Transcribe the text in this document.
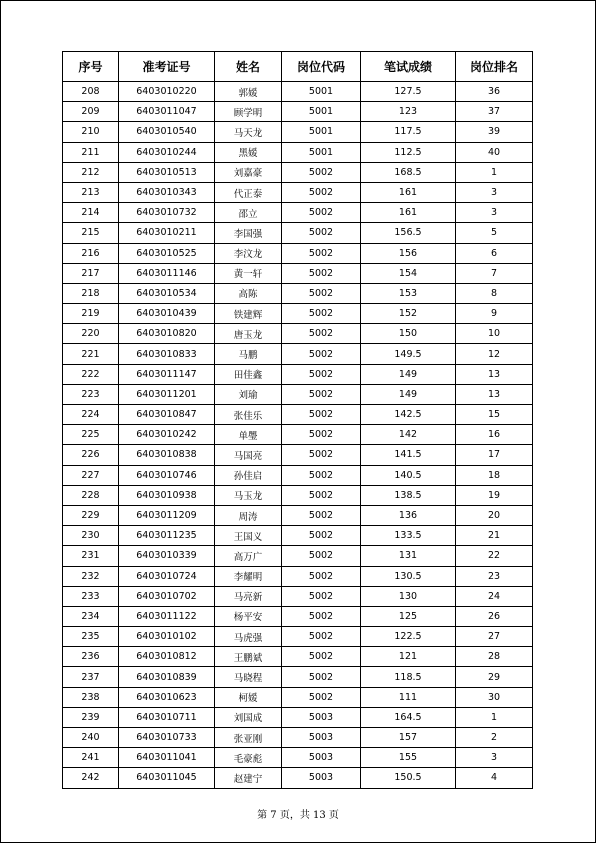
序号	准考证号	姓名	岗位代码	笔试成绩	岗位排名
208	6403010220	郭媛	5001	127.5	36
209	6403011047	顾学明	5001	123	37
210	6403010540	马天龙	5001	117.5	39
211	6403010244	黑媛	5001	112.5	40
212	6403010513	刘嘉豪	5002	168.5	1
213	6403010343	代正泰	5002	161	3
214	6403010732	邵立	5002	161	3
215	6403010211	李国强	5002	156.5	5
216	6403010525	李汶龙	5002	156	6
217	6403011146	黄一轩	5002	154	7
218	6403010534	高陈	5002	153	8
219	6403010439	铁建辉	5002	152	9
220	6403010820	唐玉龙	5002	150	10
221	6403010833	马鹏	5002	149.5	12
222	6403011147	田佳鑫	5002	149	13
223	6403011201	刘瑜	5002	149	13
224	6403010847	张佳乐	5002	142.5	15
225	6403010242	单璺	5002	142	16
226	6403010838	马国亮	5002	141.5	17
227	6403010746	孙佳启	5002	140.5	18
228	6403010938	马玉龙	5002	138.5	19
229	6403011209	周涛	5002	136	20
230	6403011235	王国义	5002	133.5	21
231	6403010339	高万广	5002	131	22
232	6403010724	李耀明	5002	130.5	23
233	6403010702	马亮新	5002	130	24
234	6403011122	杨平安	5002	125	26
235	6403010102	马虎强	5002	122.5	27
236	6403010812	王鹏斌	5002	121	28
237	6403010839	马晓程	5002	118.5	29
238	6403010623	柯媛	5002	111	30
239	6403010711	刘国成	5003	164.5	1
240	6403010733	张亚刚	5003	157	2
241	6403011041	毛豪彪	5003	155	3
242	6403011045	赵建宁	5003	150.5	4
第 7 页，共 13 页
